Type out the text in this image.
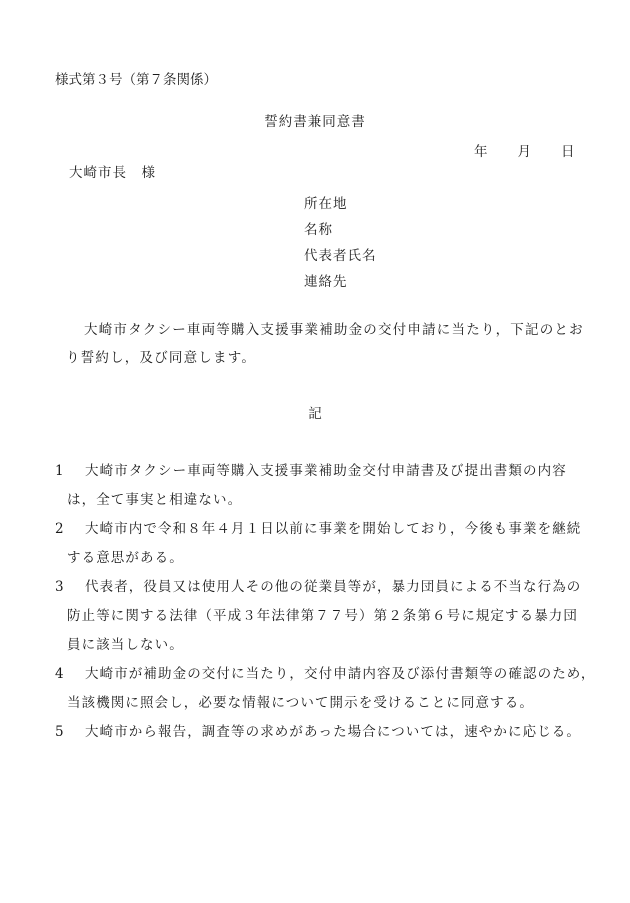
様式第３号（第７条関係）
誓約書兼同意書
年 月 日
大崎市長　様
所在地
名称
代表者氏名
連絡先
大崎市タクシー車両等購入支援事業補助金の交付申請に当たり，下記のとお
り誓約し，及び同意します。
記
1 大崎市タクシー車両等購入支援事業補助金交付申請書及び提出書類の内容
は，全て事実と相違ない。
2 大崎市内で令和８年４月１日以前に事業を開始しており，今後も事業を継続
する意思がある。
3 代表者，役員又は使用人その他の従業員等が，暴力団員による不当な行為の
防止等に関する法律（平成３年法律第７７号）第２条第６号に規定する暴力団
員に該当しない。
4 大崎市が補助金の交付に当たり，交付申請内容及び添付書類等の確認のため，
当該機関に照会し，必要な情報について開示を受けることに同意する。
5 大崎市から報告，調査等の求めがあった場合については，速やかに応じる。
